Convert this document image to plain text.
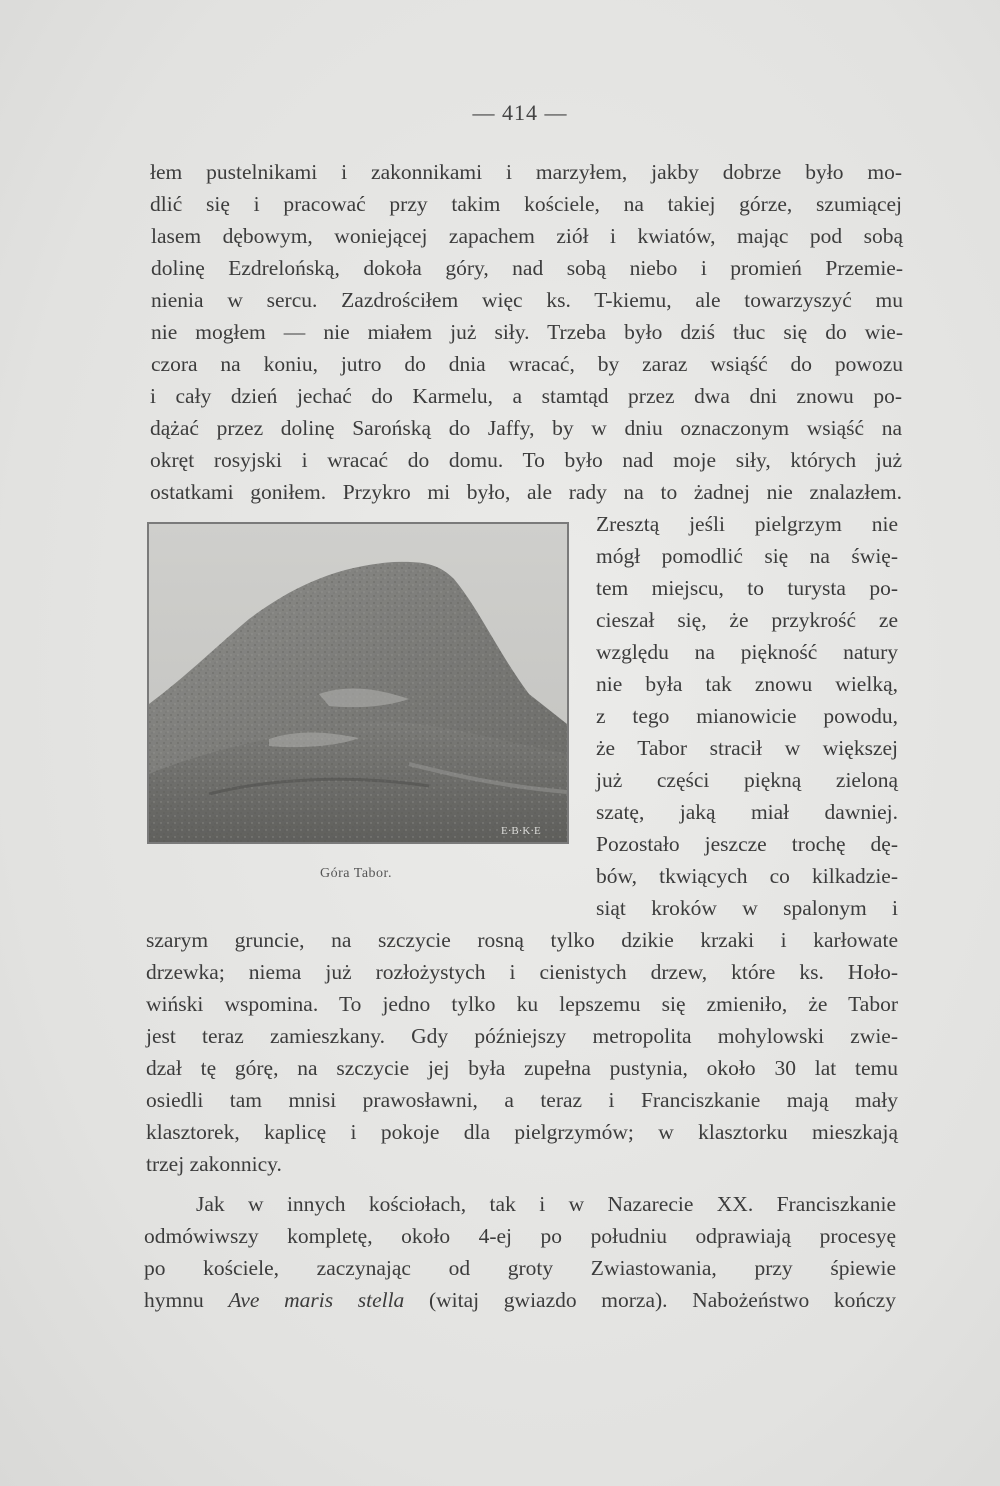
— 414 —
łem pustelnikami i zakonnikami i marzyłem, jakby dobrze było mo-
dlić się i pracować przy takim kościele, na takiej górze, szumiącej
lasem dębowym, woniejącej zapachem ziół i kwiatów, mając pod sobą
dolinę Ezdrelońską, dokoła góry, nad sobą niebo i promień Przemie-
nienia w sercu. Zazdrościłem więc ks. T-kiemu, ale towarzyszyć mu
nie mogłem — nie miałem już siły. Trzeba było dziś tłuc się do wie-
czora na koniu, jutro do dnia wracać, by zaraz wsiąść do powozu
i cały dzień jechać do Karmelu, a stamtąd przez dwa dni znowu po-
dążać przez dolinę Sarońską do Jaffy, by w dniu oznaczonym wsiąść na
okręt rosyjski i wracać do domu. To było nad moje siły, których już
ostatkami goniłem. Przykro mi było, ale rady na to żadnej nie znalazłem.
E·B·K·E
Zresztą jeśli pielgrzym nie
mógł pomodlić się na świę-
tem miejscu, to turysta po-
cieszał się, że przykrość ze
względu na piękność natury
nie była tak znowu wielką,
z tego mianowicie powodu,
że Tabor stracił w większej
już części piękną zieloną
szatę, jaką miał dawniej.
Pozostało jeszcze trochę dę-
bów, tkwiących co kilkadzie-
siąt kroków w spalonym i
Góra Tabor.
szarym gruncie, na szczycie rosną tylko dzikie krzaki i karłowate
drzewka; niema już rozłożystych i cienistych drzew, które ks. Hoło-
wiński wspomina. To jedno tylko ku lepszemu się zmieniło, że Tabor
jest teraz zamieszkany. Gdy późniejszy metropolita mohylowski zwie-
dzał tę górę, na szczycie jej była zupełna pustynia, około 30 lat temu
osiedli tam mnisi prawosławni, a teraz i Franciszkanie mają mały
klasztorek, kaplicę i pokoje dla pielgrzymów; w klasztorku mieszkają
trzej zakonnicy.
Jak w innych kościołach, tak i w Nazarecie XX. Franciszkanie
odmówiwszy kompletę, około 4-ej po południu odprawiają procesyę
po kościele, zaczynając od groty Zwiastowania, przy śpiewie
hymnu Ave maris stella (witaj gwiazdo morza). Nabożeństwo kończy
